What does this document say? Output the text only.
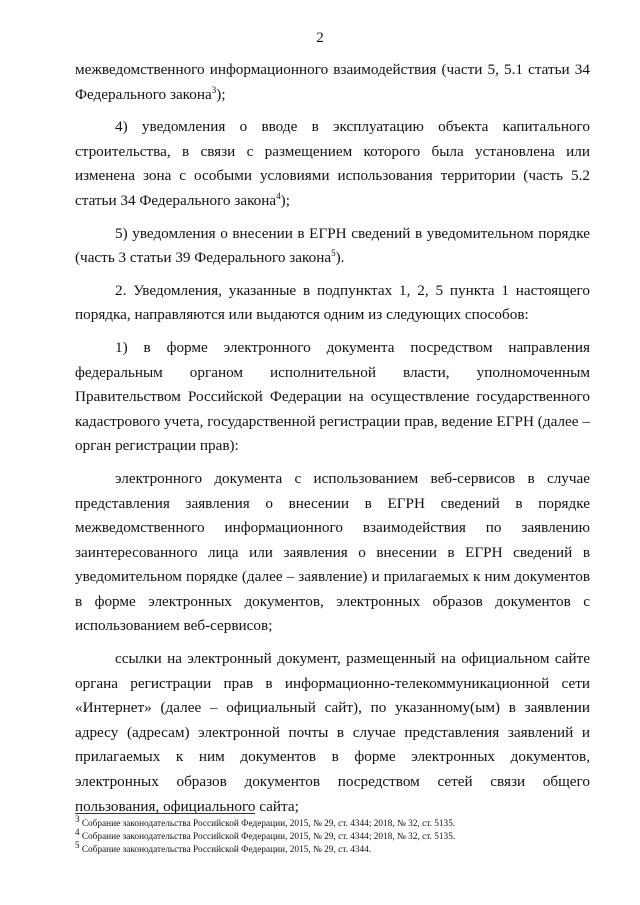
2

межведомственного информационного взаимодействия (части 5, 5.1 статьи 34 Федерального закона$^3$);

4) уведомления о вводе в эксплуатацию объекта капитального строительства, в связи с размещением которого была установлена или изменена зона с особыми условиями использования территории (часть 5.2 статьи 34 Федерального закона$^4$);

5) уведомления о внесении в ЕГРН сведений в уведомительном порядке (часть 3 статьи 39 Федерального закона$^5$).

2. Уведомления, указанные в подпунктах 1, 2, 5 пункта 1 настоящего порядка, направляются или выдаются одним из следующих способов:

1) в форме электронного документа посредством направления федеральным органом исполнительной власти, уполномоченным Правительством Российской Федерации на осуществление государственного кадастрового учета, государственной регистрации прав, ведение ЕГРН (далее – орган регистрации прав):

электронного документа с использованием веб-сервисов в случае представления заявления о внесении в ЕГРН сведений в порядке межведомственного информационного взаимодействия по заявлению заинтересованного лица или заявления о внесении в ЕГРН сведений в уведомительном порядке (далее – заявление) и прилагаемых к ним документов в форме электронных документов, электронных образов документов с использованием веб-сервисов;

ссылки на электронный документ, размещенный на официальном сайте органа регистрации прав в информационно-телекоммуникационной сети «Интернет» (далее – официальный сайт), по указанному(ым) в заявлении адресу (адресам) электронной почты в случае представления заявлений и прилагаемых к ним документов в форме электронных документов, электронных образов документов посредством сетей связи общего пользования, официального сайта;

$^3$ Собрание законодательства Российской Федерации, 2015, № 29, ст. 4344; 2018, № 32, ст. 5135.
$^4$ Собрание законодательства Российской Федерации, 2015, № 29, ст. 4344; 2018, № 32, ст. 5135.
$^5$ Собрание законодательства Российской Федерации, 2015, № 29, ст. 4344.
